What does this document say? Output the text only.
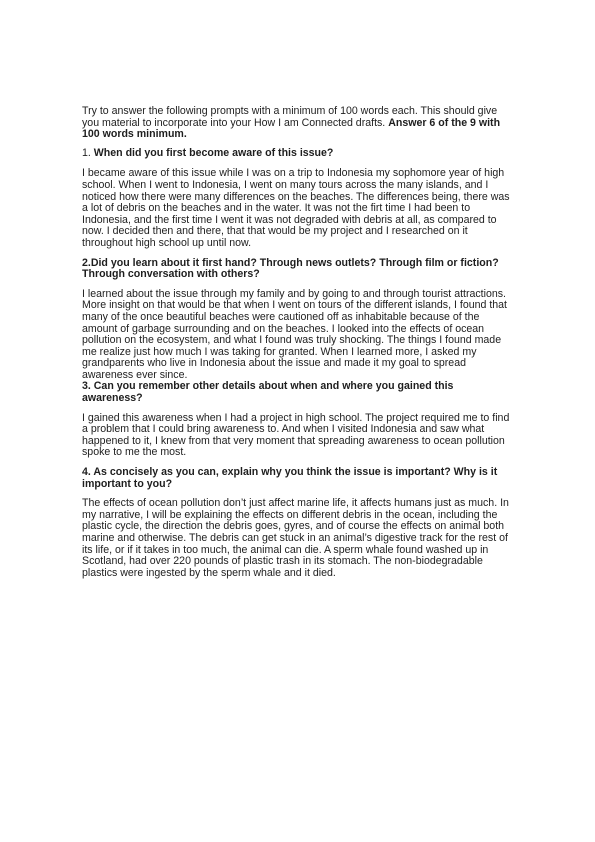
Try to answer the following prompts with a minimum of 100 words each. This should give you material to incorporate into your How I am Connected drafts. Answer 6 of the 9 with 100 words minimum.

1. When did you first become aware of this issue?

I became aware of this issue while I was on a trip to Indonesia my sophomore year of high school. When I went to Indonesia, I went on many tours across the many islands, and I noticed how there were many differences on the beaches. The differences being, there was a lot of debris on the beaches and in the water. It was not the firt time I had been to Indonesia, and the first time I went it was not degraded with debris at all, as compared to now. I decided then and there, that that would be my project and I researched on it throughout high school up until now.

2.Did you learn about it first hand? Through news outlets? Through film or fiction? Through conversation with others?

I learned about the issue through my family and by going to and through tourist attractions. More insight on that would be that when I went on tours of the different islands, I found that many of the once beautiful beaches were cautioned off as inhabitable because of the amount of garbage surrounding and on the beaches. I looked into the effects of ocean pollution on the ecosystem, and what I found was truly shocking. The things I found made me realize just how much I was taking for granted. When I learned more, I asked my grandparents who live in Indonesia about the issue and made it my goal to spread awareness ever since.

3. Can you remember other details about when and where you gained this awareness?

I gained this awareness when I had a project in high school. The project required me to find a problem that I could bring awareness to. And when I visited Indonesia and saw what happened to it, I knew from that very moment that spreading awareness to ocean pollution spoke to me the most.

4. As concisely as you can, explain why you think the issue is important? Why is it important to you?

The effects of ocean pollution don’t just affect marine life, it affects humans just as much. In my narrative, I will be explaining the effects on different debris in the ocean, including the plastic cycle, the direction the debris goes, gyres, and of course the effects on animal both marine and otherwise. The debris can get stuck in an animal’s digestive track for the rest of its life, or if it takes in too much, the animal can die. A sperm whale found washed up in Scotland, had over 220 pounds of plastic trash in its stomach. The non-biodegradable plastics were ingested by the sperm whale and it died.
